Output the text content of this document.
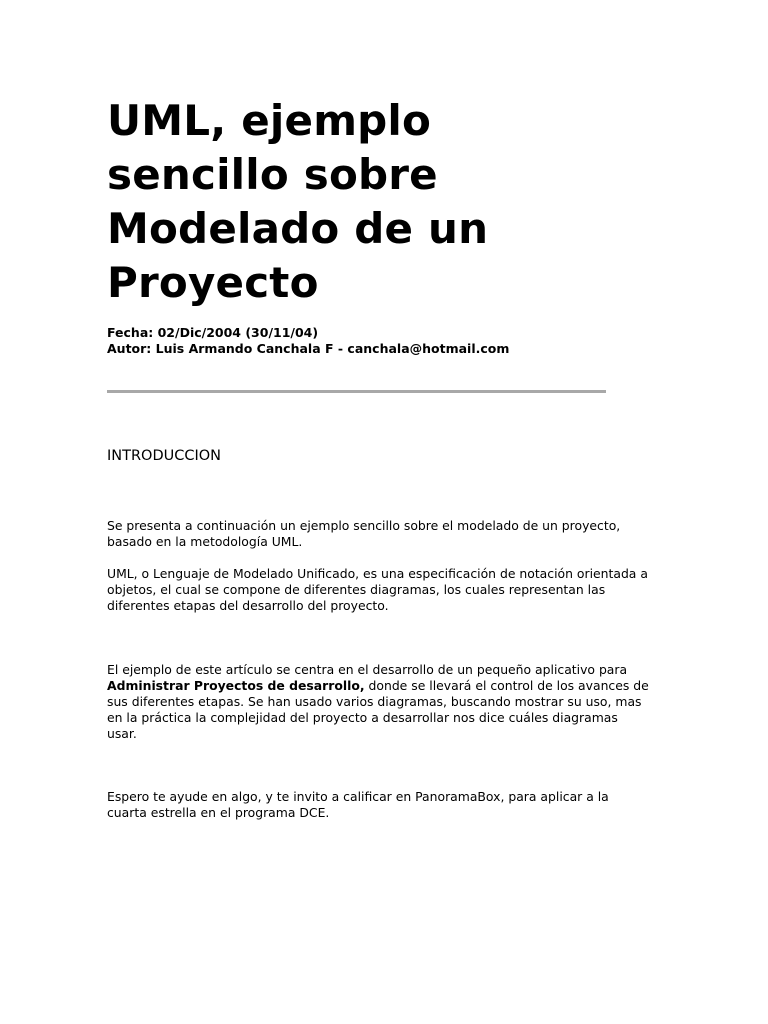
UML, ejemplo
sencillo sobre
Modelado de un
Proyecto
Fecha: 02/Dic/2004 (30/11/04)
Autor: Luis Armando Canchala F - canchala@hotmail.com
INTRODUCCION

Se presenta a continuación un ejemplo sencillo sobre el modelado de un proyecto,
basado en la metodología UML.

UML, o Lenguaje de Modelado Unificado, es una especificación de notación orientada a
objetos, el cual se compone de diferentes diagramas, los cuales representan las
diferentes etapas del desarrollo del proyecto.

El ejemplo de este artículo se centra en el desarrollo de un pequeño aplicativo para
Administrar Proyectos de desarrollo, donde se llevará el control de los avances de
sus diferentes etapas. Se han usado varios diagramas, buscando mostrar su uso, mas
en la práctica la complejidad del proyecto a desarrollar nos dice cuáles diagramas
usar.

Espero te ayude en algo, y te invito a calificar en PanoramaBox, para aplicar a la
cuarta estrella en el programa DCE.
